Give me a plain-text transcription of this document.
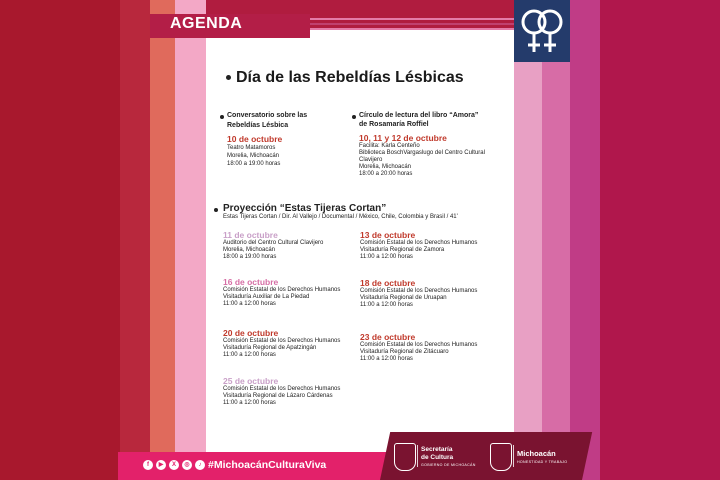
AGENDA
Día de las Rebeldías Lésbicas
Conversatorio sobre las
Rebeldías Lésbica
10 de octubre
Teatro Matamoros
Morelia, Michoacán
18:00 a 19:00 horas
Círculo de lectura del libro “Amora”
de Rosamaría Roffiel
10, 11 y 12 de octubre
Facilita: Karla Centeño
Biblioteca BoschVargaslugo del Centro Cultural
Clavijero
Morelia, Michoacán
18:00 a 20:00 horas
Proyección “Estas Tijeras Cortan”
Estas Tijeras Cortan / Dir. Al Vallejo / Documental / México, Chile, Colombia y Brasil / 41'
11 de octubre
Auditorio del Centro Cultural Clavijero
Morelia, Michoacán
18:00 a 19:00 horas
13 de octubre
Comisión Estatal de los Derechos Humanos
Visitaduría Regional de Zamora
11:00 a 12:00 horas
16 de octubre
Comisión Estatal de los Derechos Humanos
Visitaduría Auxiliar de La Piedad
11:00 a 12:00 horas
18 de octubre
Comisión Estatal de los Derechos Humanos
Visitaduría Regional de Uruapan
11:00 a 12:00 horas
20 de octubre
Comisión Estatal de los Derechos Humanos
Visitaduría Regional de Apatzingán
11:00 a 12:00 horas
23 de octubre
Comisión Estatal de los Derechos Humanos
Visitaduría Regional de Zitácuaro
11:00 a 12:00 horas
25 de octubre
Comisión Estatal de los Derechos Humanos
Visitaduría Regional de Lázaro Cárdenas
11:00 a 12:00 horas
f	▶	X	◎	♪ #MichoacánCulturaViva
Secretaría
de Cultura
GOBIERNO DE MICHOACÁN
Michoacán
HONESTIDAD Y TRABAJO
